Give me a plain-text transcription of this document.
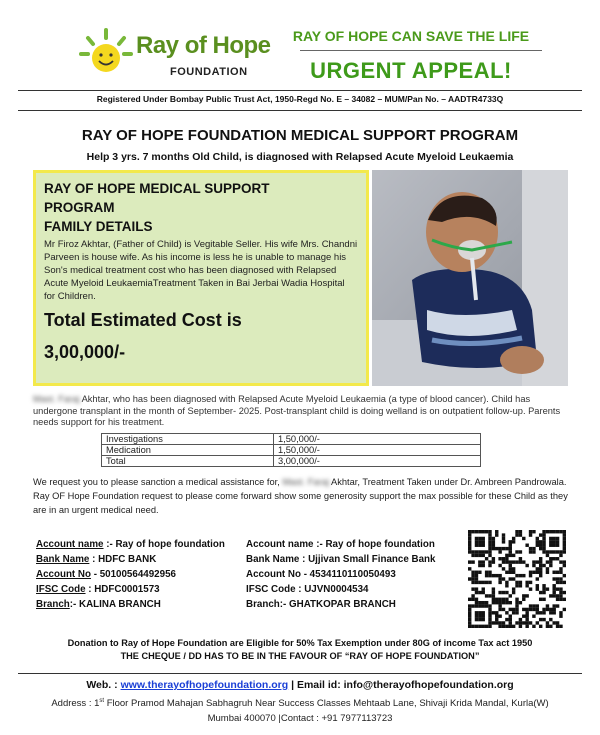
Ray of Hope
FOUNDATION
RAY OF HOPE CAN SAVE THE LIFE
URGENT APPEAL!
Registered Under Bombay Public Trust Act, 1950-Regd No. E – 34082 – MUM/Pan No. – AADTR4733Q
RAY OF HOPE FOUNDATION MEDICAL SUPPORT PROGRAM
Help 3 yrs. 7 months Old Child, is diagnosed with Relapsed Acute Myeloid Leukaemia
RAY OF HOPE MEDICAL SUPPORT
PROGRAM
FAMILY DETAILS
Mr Firoz Akhtar, (Father of Child) is Vegitable Seller. His wife Mrs. Chandni Parveen is house wife. As his income is less he is unable to manage his Son's medical treatment cost who has been diagnosed with Relapsed Acute Myeloid LeukaemiaTreatment Taken in Bai Jerbai Wadia Hospital for Children.
Total Estimated Cost is
3,00,000/-
Mast. Faraj Akhtar, who has been diagnosed with Relapsed Acute Myeloid Leukaemia (a type of blood cancer). Child has undergone transplant in the month of September- 2025. Post-transplant child is doing welland is on outpatient follow-up. Parents needs support for his treatment.
Investigations	1,50,000/-
Medication	1,50,000/-
Total	3,00,000/-
We request you to please sanction a medical assistance for, Mast. Faraj Akhtar, Treatment Taken under Dr. Ambreen Pandrowala. Ray OF Hope Foundation request to please come forward show some generosity support the max possible for these Child as they are in an urgent medical need.
Account name :- Ray of hope foundation
Bank Name : HDFC BANK
Account No - 50100564492956
IFSC Code : HDFC0001573
Branch:- KALINA BRANCH
Account name :- Ray of hope foundation
Bank Name : Ujjivan Small Finance Bank
Account No - 4534110110050493
IFSC Code : UJVN0004534
Branch:- GHATKOPAR BRANCH
Donation to Ray of Hope Foundation are Eligible for 50% Tax Exemption under 80G of income Tax act 1950
THE CHEQUE / DD HAS TO BE IN THE FAVOUR OF “RAY OF HOPE FOUNDATION”
Web. : www.therayofhopefoundation.org | Email id: info@therayofhopefoundation.org
Address : 1st Floor Pramod Mahajan Sabhagruh Near Success Classes Mehtaab Lane, Shivaji Krida Mandal, Kurla(W)
Mumbai 400070 |Contact : +91 7977113723
